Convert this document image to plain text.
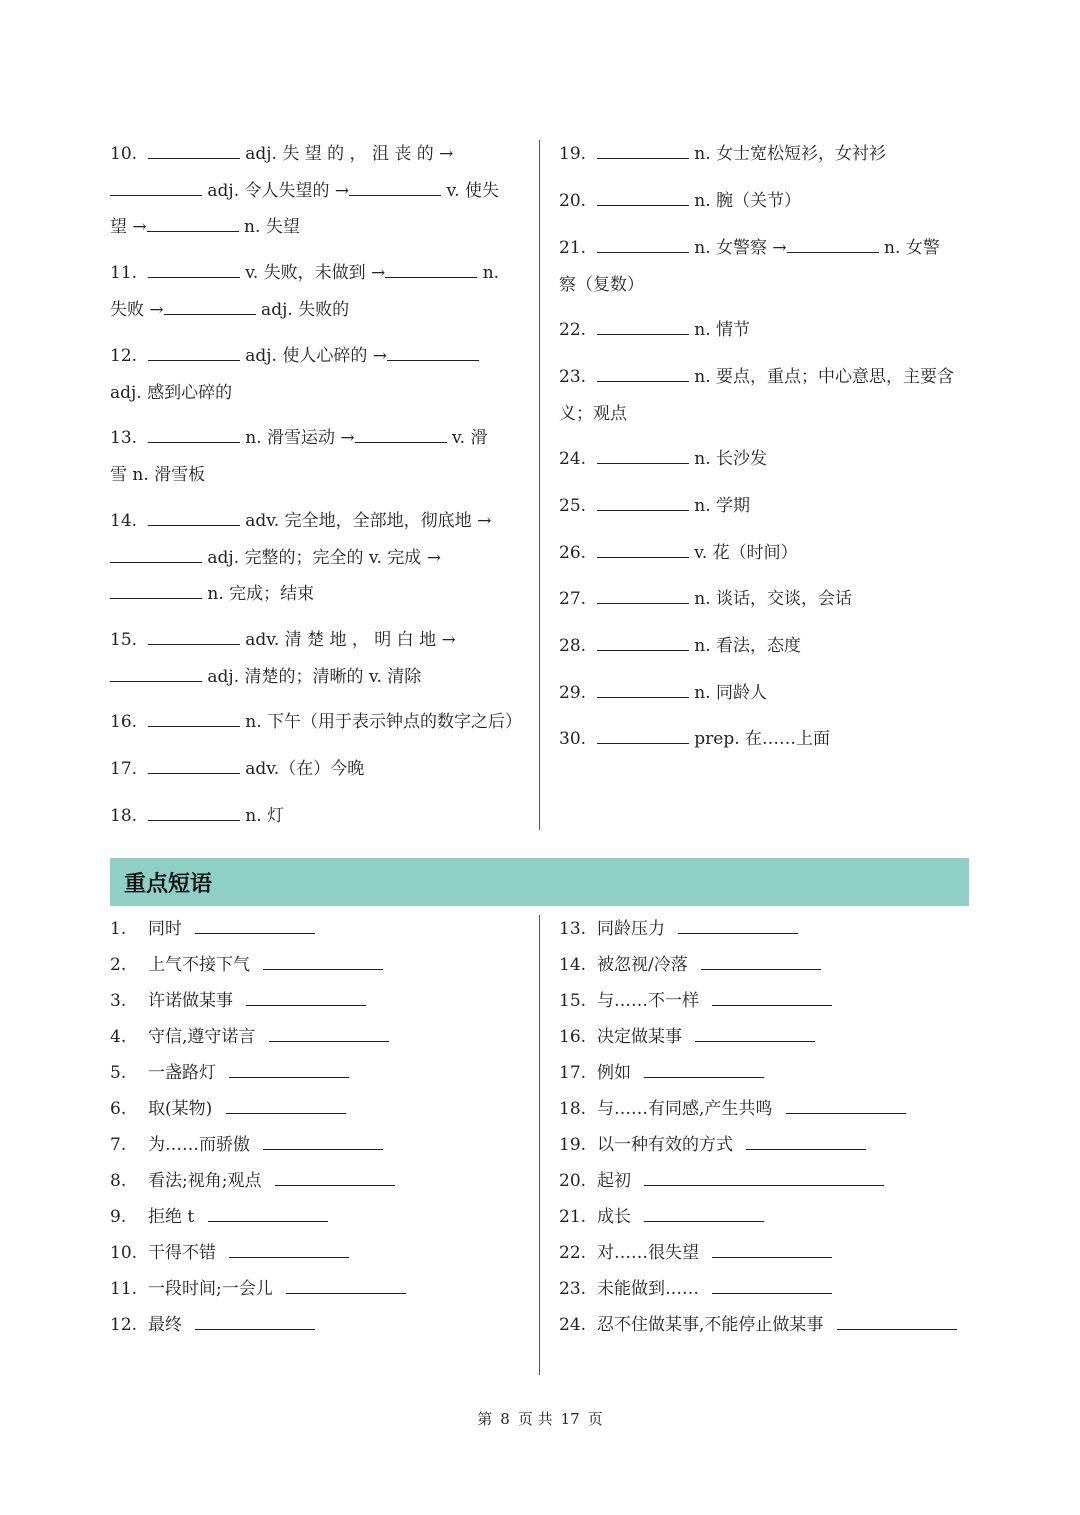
10.	adj. 失 望 的 ， 沮 丧 的 →
adj. 令人失望的 →	v. 使失
望 →	n. 失望
11.	v. 失败，未做到 →	n.
失败 →	adj. 失败的
12.	adj. 使人心碎的 →
adj. 感到心碎的
13.	n. 滑雪运动 →	v. 滑
雪 n. 滑雪板
14.	adv. 完全地，全部地，彻底地 →
adj. 完整的；完全的 v. 完成 →
n. 完成；结束
15.	adv. 清 楚 地 ， 明 白 地 →
adj. 清楚的；清晰的 v. 清除
16.	n. 下午（用于表示钟点的数字之后）
17.	adv.（在）今晚
18.	n. 灯
19.	n. 女士宽松短衫，女衬衫
20.	n. 腕（关节）
21.	n. 女警察 →	n. 女警
察（复数）
22.	n. 情节
23.	n. 要点，重点；中心意思，主要含
义；观点
24.	n. 长沙发
25.	n. 学期
26.	v. 花（时间）
27.	n. 谈话，交谈，会话
28.	n. 看法，态度
29.	n. 同龄人
30.	prep. 在……上面
重点短语
1. 同时
2. 上气不接下气
3. 许诺做某事
4. 守信,遵守诺言
5. 一盏路灯
6. 取(某物)
7. 为……而骄傲
8. 看法;视角;观点
9. 拒绝 t
10. 干得不错
11. 一段时间;一会儿
12. 最终
13. 同龄压力
14. 被忽视/冷落
15. 与……不一样
16. 决定做某事
17. 例如
18. 与……有同感,产生共鸣
19. 以一种有效的方式
20. 起初
21. 成长
22. 对……很失望
23. 未能做到……
24. 忍不住做某事,不能停止做某事
第 8 页 共 17 页
